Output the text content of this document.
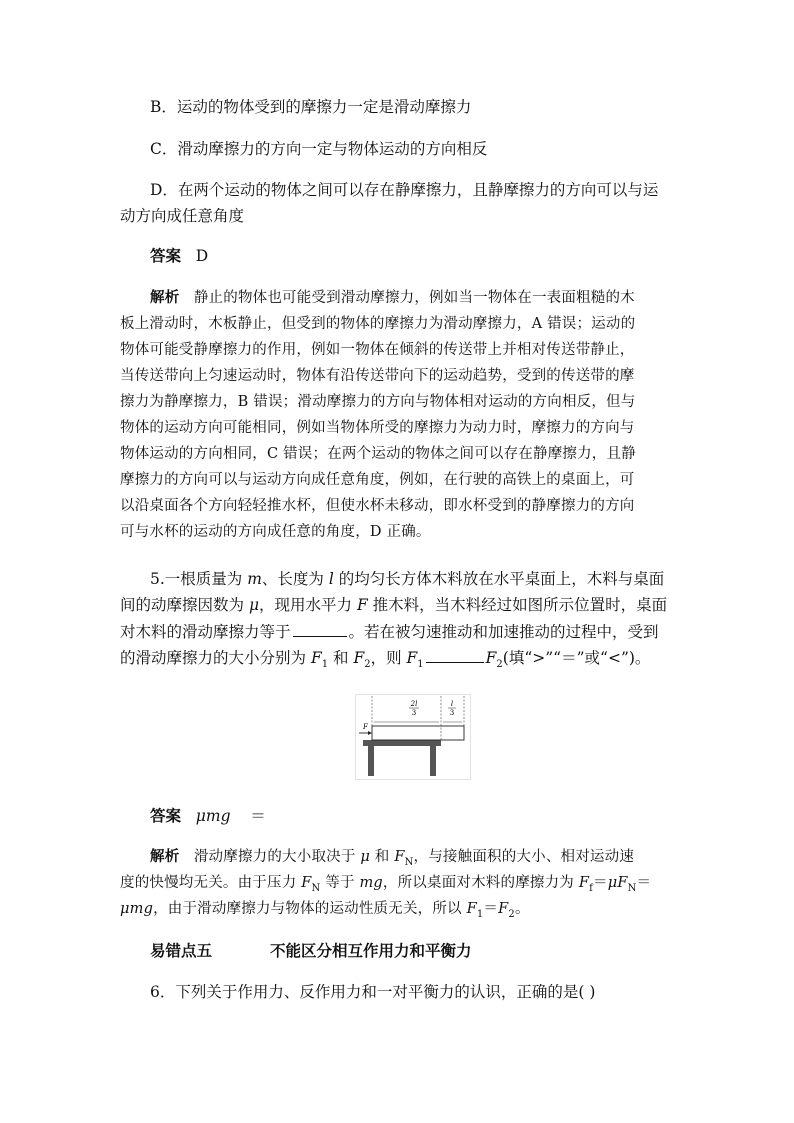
B．运动的物体受到的摩擦力一定是滑动摩擦力
C．滑动摩擦力的方向一定与物体运动的方向相反
D．在两个运动的物体之间可以存在静摩擦力，且静摩擦力的方向可以与运
动方向成任意角度
答案 D
解析 静止的物体也可能受到滑动摩擦力，例如当一物体在一表面粗糙的木
板上滑动时，木板静止，但受到的物体的摩擦力为滑动摩擦力，A 错误；运动的
物体可能受静摩擦力的作用，例如一物体在倾斜的传送带上并相对传送带静止，
当传送带向上匀速运动时，物体有沿传送带向下的运动趋势，受到的传送带的摩
擦力为静摩擦力，B 错误；滑动摩擦力的方向与物体相对运动的方向相反，但与
物体的运动方向可能相同，例如当物体所受的摩擦力为动力时，摩擦力的方向与
物体运动的方向相同，C 错误；在两个运动的物体之间可以存在静摩擦力，且静
摩擦力的方向可以与运动方向成任意角度，例如，在行驶的高铁上的桌面上，可
以沿桌面各个方向轻轻推水杯，但使水杯未移动，即水杯受到的静摩擦力的方向
可与水杯的运动的方向成任意的角度，D 正确。
5.一根质量为 m、长度为 l 的均匀长方体木料放在水平桌面上，木料与桌面
间的动摩擦因数为 μ，现用水平力 F 推木料，当木料经过如图所示位置时，桌面
对木料的滑动摩擦力等于	。若在被匀速推动和加速推动的过程中，受到
的滑动摩擦力的大小分别为 $F_1$ 和 $F_2$，则 $F_1$	$F_2$(填“>”“＝”或“<”)。
2l
3
l
3
F
答案 μmg ＝
解析 滑动摩擦力的大小取决于 μ 和 $F_N$，与接触面积的大小、相对运动速
度的快慢均无关。由于压力 $F_N$ 等于 mg，所以桌面对木料的摩擦力为 $F_f=\mu F_N=$
μmg，由于滑动摩擦力与物体的运动性质无关，所以 $F_1=F_2$。
易错点五	不能区分相互作用力和平衡力
6．下列关于作用力、反作用力和一对平衡力的认识，正确的是( )
